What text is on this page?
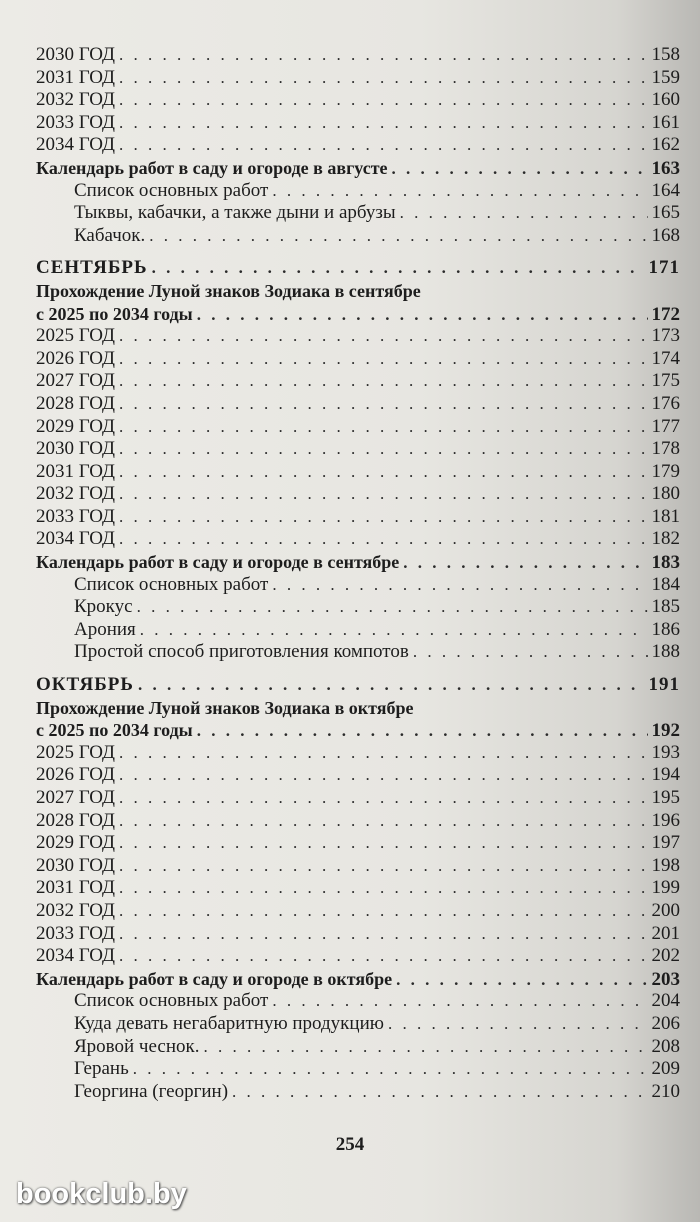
2030 ГОД . . .	158
2031 ГОД . . .	159
2032 ГОД . . .	160
2033 ГОД . . .	161
2034 ГОД . . .	162
Календарь работ в саду и огороде в августе . . .	163
Список основных работ . . .	164
Тыквы, кабачки, а также дыни и арбузы . . .	165
Кабачок. . . .	168
СЕНТЯБРЬ . . .	171
Прохождение Луной знаков Зодиака в сентябре
с 2025 по 2034 годы . . .	172
2025 ГОД . . .	173
2026 ГОД . . .	174
2027 ГОД . . .	175
2028 ГОД . . .	176
2029 ГОД . . .	177
2030 ГОД . . .	178
2031 ГОД . . .	179
2032 ГОД . . .	180
2033 ГОД . . .	181
2034 ГОД . . .	182
Календарь работ в саду и огороде в сентябре . . .	183
Список основных работ . . .	184
Крокус . . .	185
Арония . . .	186
Простой способ приготовления компотов . . .	188
ОКТЯБРЬ . . .	191
Прохождение Луной знаков Зодиака в октябре
с 2025 по 2034 годы . . .	192
2025 ГОД . . .	193
2026 ГОД . . .	194
2027 ГОД . . .	195
2028 ГОД . . .	196
2029 ГОД . . .	197
2030 ГОД . . .	198
2031 ГОД . . .	199
2032 ГОД . . .	200
2033 ГОД . . .	201
2034 ГОД . . .	202
Календарь работ в саду и огороде в октябре . . .	203
Список основных работ . . .	204
Куда девать негабаритную продукцию . . .	206
Яровой чеснок. . . .	208
Герань . . .	209
Георгина (георгин) . . .	210
254
bookclub.by
